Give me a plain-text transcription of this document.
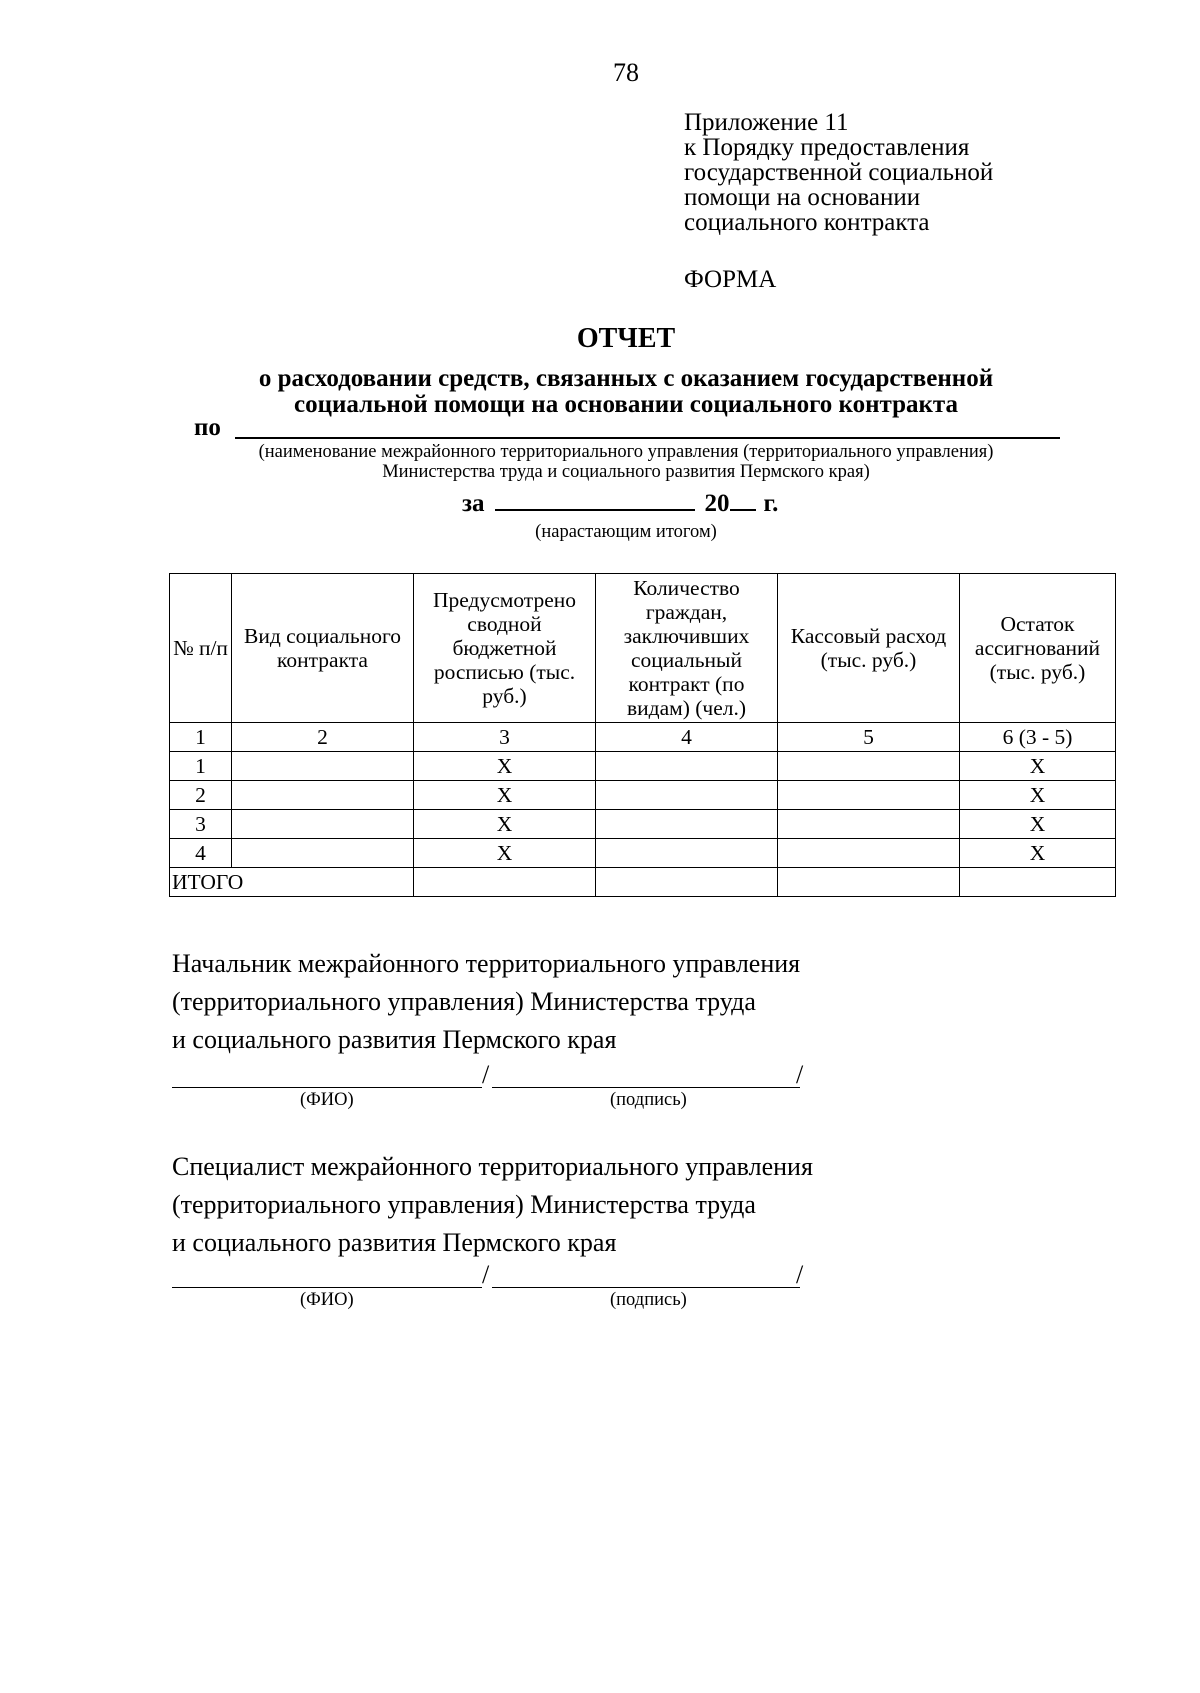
78
Приложение 11
к Порядку предоставления
государственной социальной
помощи на основании
социального контракта
ФОРМА
ОТЧЕТ
о расходовании средств, связанных с оказанием государственной
социальной помощи на основании социального контракта
по
(наименование межрайонного территориального управления (территориального управления)
Министерства труда и социального развития Пермского края)
за	20 г.
(нарастающим итогом)
№ п/п	Вид социального контракта	Предусмотрено сводной бюджетной росписью (тыс. руб.)	Количество граждан, заключивших социальный контракт (по видам) (чел.)	Кассовый расход (тыс. руб.)	Остаток ассигнований (тыс. руб.)
1	2	3	4	5	6 (3 - 5)
1		X			X
2		X			X
3		X			X
4		X			X
ИТОГО					
Начальник межрайонного территориального управления
(территориального управления) Министерства труда
и социального развития Пермского края
/	/
(ФИО)	(подпись)
Специалист межрайонного территориального управления
(территориального управления) Министерства труда
и социального развития Пермского края
/	/
(ФИО)	(подпись)
